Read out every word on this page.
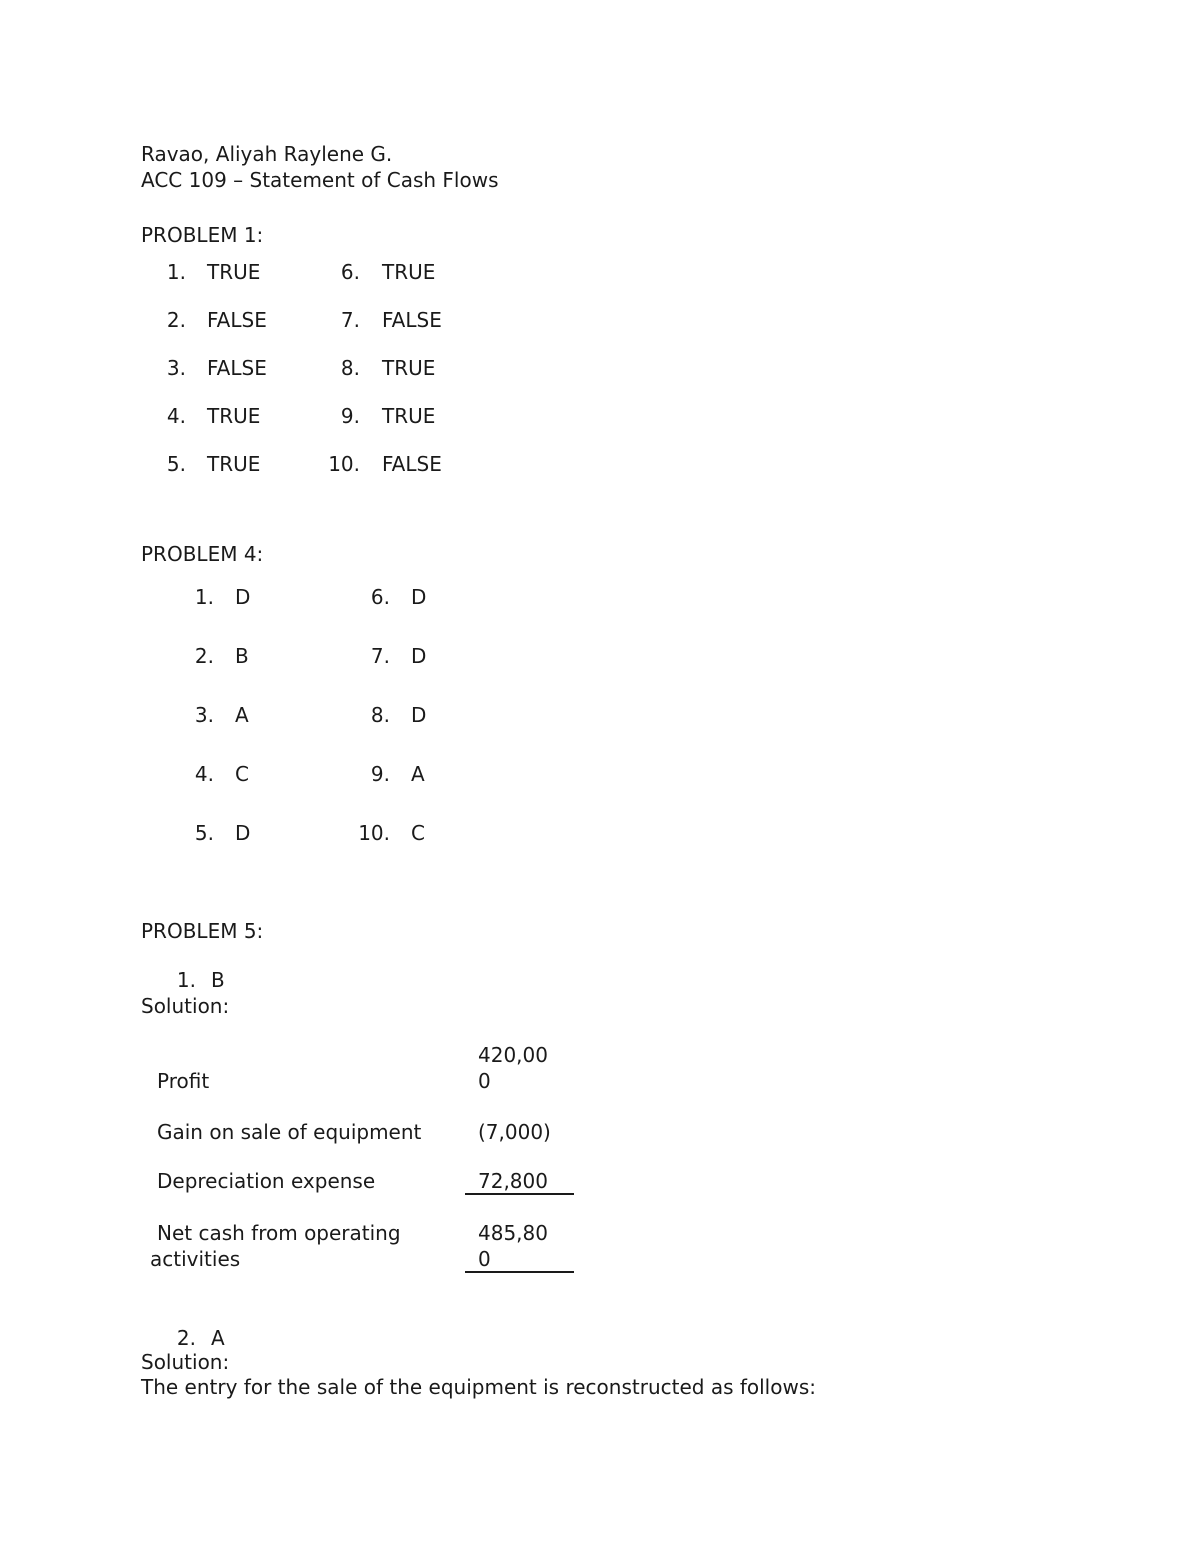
Ravao, Aliyah Raylene G.
ACC 109 – Statement of Cash Flows
PROBLEM 1:
1. TRUE
2. FALSE
3. FALSE
4. TRUE
5. TRUE
6. TRUE
7. FALSE
8. TRUE
9. TRUE
10. FALSE
PROBLEM 4:
1. D
2. B
3. A
4. C
5. D
6. D
7. D
8. D
9. A
10. C
PROBLEM 5:
1. B
Solution:
Profit
420,00
0
Gain on sale of equipment	(7,000)
Depreciation expense	72,800
Net cash from operating
activities
485,80
0
2. A
Solution:
The entry for the sale of the equipment is reconstructed as follows:
